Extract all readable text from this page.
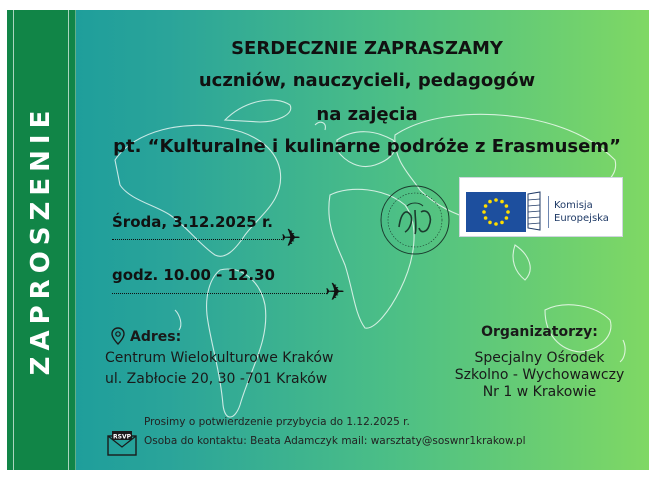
ZAPROSZENIE
SERDECZNIE ZAPRASZAMY
uczniów, nauczycieli, pedagogów
na zajęcia
pt. “Kulturalne i kulinarne podróże z Erasmusem”
Środa, 3.12.2025 r.
✈
godz. 10.00 - 12.30
✈
Komisja
Europejska
Adres:
Centrum Wielokulturowe Kraków
ul. Zabłocie 20, 30 -701 Kraków
Organizatorzy:
Specjalny Ośrodek
Szkolno - Wychowawczy
Nr 1 w Krakowie
RSVP
Prosimy o potwierdzenie przybycia do 1.12.2025 r.
Osoba do kontaktu: Beata Adamczyk mail: warsztaty@soswnr1krakow.pl
